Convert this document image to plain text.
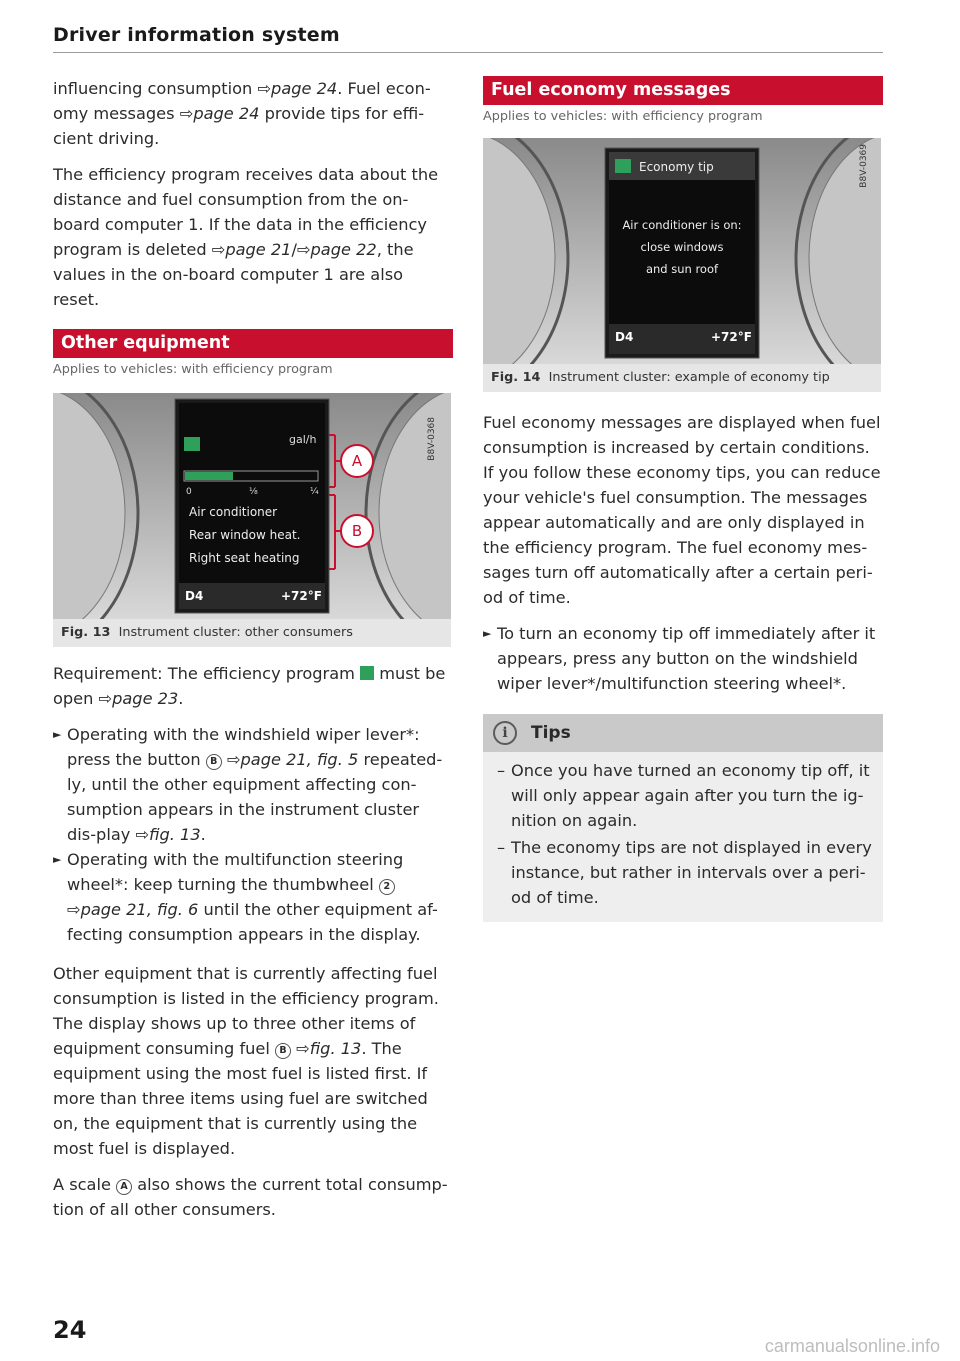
Driver information system

influencing consumption ⇨page 24. Fuel econ-omy messages ⇨page 24 provide tips for effi-cient driving.

The efficiency program receives data about the distance and fuel consumption from the on-board computer 1. If the data in the efficiency program is deleted ⇨page 21/⇨page 22, the values in the on-board computer 1 are also reset.

Other equipment
Applies to vehicles: with efficiency program
gal/h
0	⅛	¼
Air conditioner
Rear window heat.
Right seat heating
D4	+72°F
A
B
B8V-0368
Fig. 13 Instrument cluster: other consumers

Requirement: The efficiency program  must be open ⇨page 23.

► Operating with the windshield wiper lever*: press the button B ⇨page 21, fig. 5 repeated-ly, until the other equipment affecting con-sumption appears in the instrument cluster dis-play ⇨fig. 13.
► Operating with the multifunction steering wheel*: keep turning the thumbwheel 2 ⇨page 21, fig. 6 until the other equipment af-fecting consumption appears in the display.

Other equipment that is currently affecting fuel consumption is listed in the efficiency program. The display shows up to three other items of equipment consuming fuel B ⇨fig. 13. The equipment using the most fuel is listed first. If more than three items using fuel are switched on, the equipment that is currently using the most fuel is displayed.

A scale A also shows the current total consump-tion of all other consumers.

Fuel economy messages
Applies to vehicles: with efficiency program
Economy tip
Air conditioner is on:
close windows
and sun roof
D4	+72°F
B8V-0369
Fig. 14 Instrument cluster: example of economy tip

Fuel economy messages are displayed when fuel consumption is increased by certain conditions. If you follow these economy tips, you can reduce your vehicle's fuel consumption. The messages appear automatically and are only displayed in the efficiency program. The fuel economy mes-sages turn off automatically after a certain peri-od of time.

► To turn an economy tip off immediately after it appears, press any button on the windshield wiper lever*/multifunction steering wheel*.
i	Tips
– Once you have turned an economy tip off, it will only appear again after you turn the ig-nition on again.
– The economy tips are not displayed in every instance, but rather in intervals over a peri-od of time.
24
carmanualsonline.info
